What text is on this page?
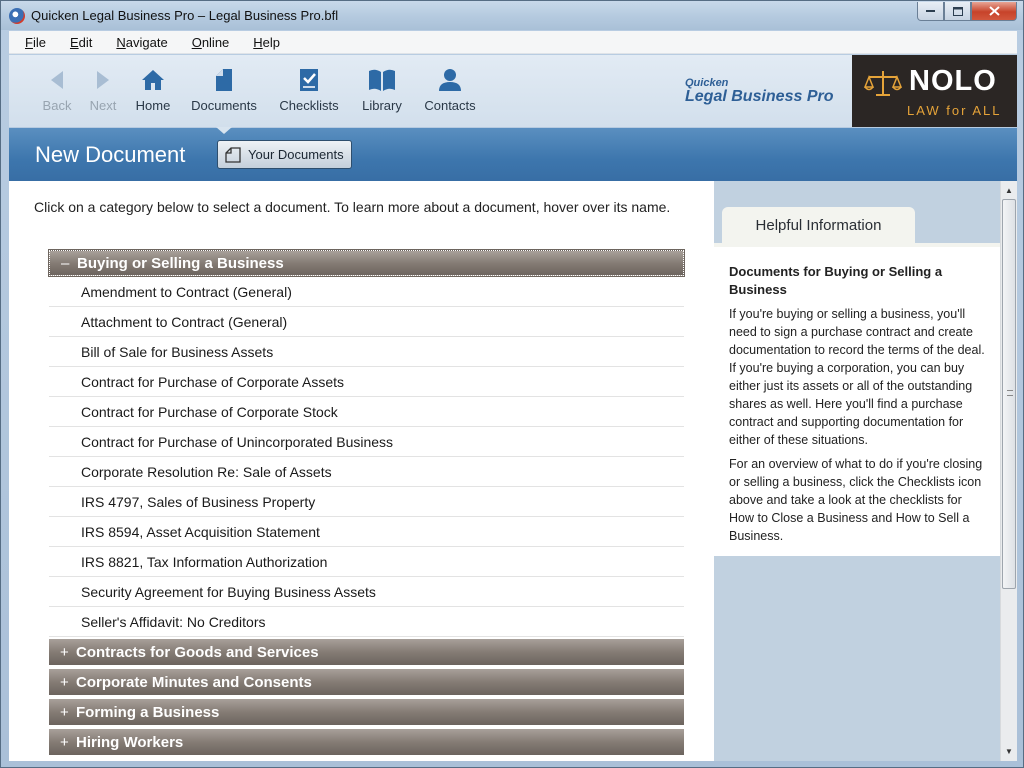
Quicken Legal Business Pro – Legal Business Pro.bfl
File	Edit	Navigate	Online	Help
Back Next Home Documents Checklists Library Contacts
Quicken
Legal Business Pro	NOLO
LAW for ALL
New Document	Your Documents
Click on a category below to select a document. To learn more about a document, hover over its name.
– Buying or Selling a Business
Amendment to Contract (General)
Attachment to Contract (General)
Bill of Sale for Business Assets
Contract for Purchase of Corporate Assets
Contract for Purchase of Corporate Stock
Contract for Purchase of Unincorporated Business
Corporate Resolution Re: Sale of Assets
IRS 4797, Sales of Business Property
IRS 8594, Asset Acquisition Statement
IRS 8821, Tax Information Authorization
Security Agreement for Buying Business Assets
Seller's Affidavit: No Creditors
+ Contracts for Goods and Services
+ Corporate Minutes and Consents
+ Forming a Business
+ Hiring Workers
Helpful Information
Documents for Buying or Selling a Business

If you're buying or selling a business, you'll need to sign a purchase contract and create documentation to record the terms of the deal. If you're buying a corporation, you can buy either just its assets or all of the outstanding shares as well. Here you'll find a purchase contract and supporting documentation for either of these situations.

For an overview of what to do if you're closing or selling a business, click the Checklists icon above and take a look at the checklists for How to Close a Business and How to Sell a Business.

▲
▼
